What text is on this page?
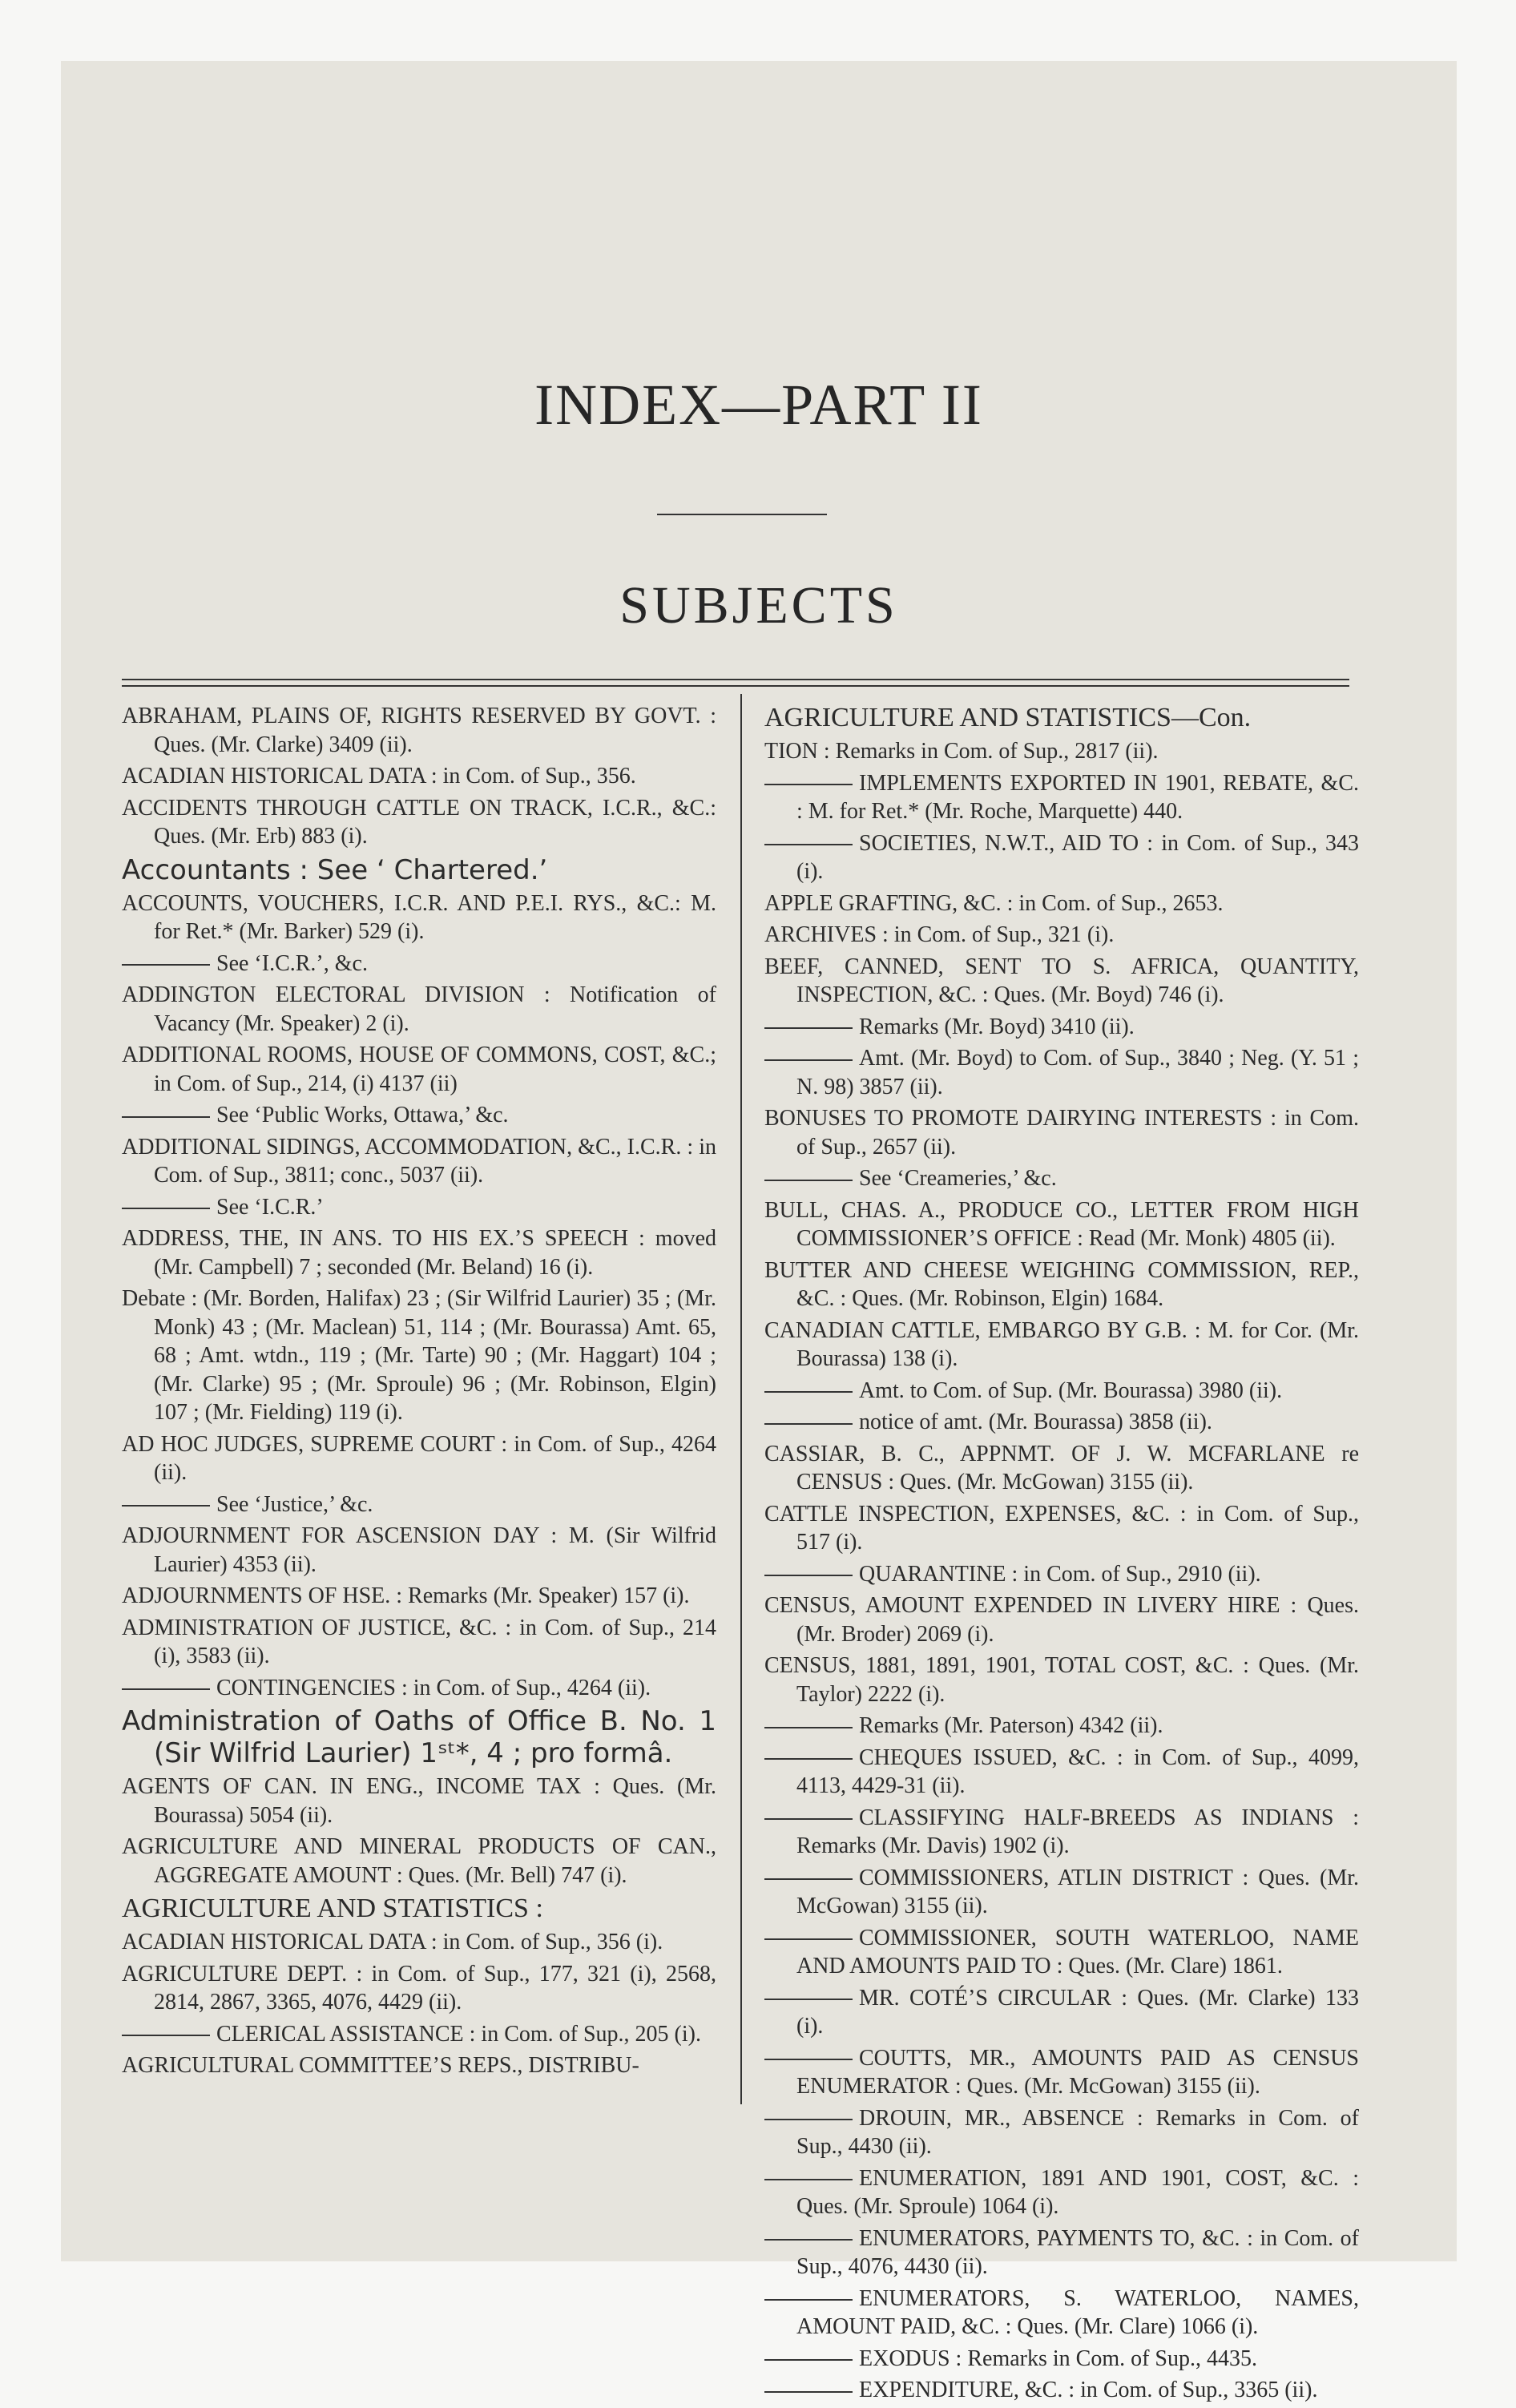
INDEX—PART II
SUBJECTS
ABRAHAM, PLAINS OF, RIGHTS RESERVED BY GOVT. : Ques. (Mr. Clarke) 3409 (ii).
ACADIAN HISTORICAL DATA : in Com. of Sup., 356.
ACCIDENTS THROUGH CATTLE ON TRACK, I.C.R., &C.: Ques. (Mr. Erb) 883 (i).
Accountants : See ‘ Chartered.’
ACCOUNTS, VOUCHERS, I.C.R. AND P.E.I. RYS., &C.: M. for Ret.* (Mr. Barker) 529 (i).
See ‘I.C.R.’, &c.
ADDINGTON ELECTORAL DIVISION : Notification of Vacancy (Mr. Speaker) 2 (i).
ADDITIONAL ROOMS, HOUSE OF COMMONS, COST, &C.; in Com. of Sup., 214, (i) 4137 (ii)
See ‘Public Works, Ottawa,’ &c.
ADDITIONAL SIDINGS, ACCOMMODATION, &C., I.C.R. : in Com. of Sup., 3811; conc., 5037 (ii).
See ‘I.C.R.’
ADDRESS, THE, IN ANS. TO HIS EX.’S SPEECH : moved (Mr. Campbell) 7 ; seconded (Mr. Beland) 16 (i).
Debate : (Mr. Borden, Halifax) 23 ; (Sir Wilfrid Laurier) 35 ; (Mr. Monk) 43 ; (Mr. Maclean) 51, 114 ; (Mr. Bourassa) Amt. 65, 68 ; Amt. wtdn., 119 ; (Mr. Tarte) 90 ; (Mr. Haggart) 104 ; (Mr. Clarke) 95 ; (Mr. Sproule) 96 ; (Mr. Robinson, Elgin) 107 ; (Mr. Fielding) 119 (i).
AD HOC JUDGES, SUPREME COURT : in Com. of Sup., 4264 (ii).
See ‘Justice,’ &c.
ADJOURNMENT FOR ASCENSION DAY : M. (Sir Wilfrid Laurier) 4353 (ii).
ADJOURNMENTS OF HSE. : Remarks (Mr. Speaker) 157 (i).
ADMINISTRATION OF JUSTICE, &C. : in Com. of Sup., 214 (i), 3583 (ii).
CONTINGENCIES : in Com. of Sup., 4264 (ii).
Administration of Oaths of Office B. No. 1 (Sir Wilfrid Laurier) 1ˢᵗ*, 4 ; pro formâ.
AGENTS OF CAN. IN ENG., INCOME TAX : Ques. (Mr. Bourassa) 5054 (ii).
AGRICULTURE AND MINERAL PRODUCTS OF CAN., AGGREGATE AMOUNT : Ques. (Mr. Bell) 747 (i).
AGRICULTURE AND STATISTICS :
ACADIAN HISTORICAL DATA : in Com. of Sup., 356 (i).
AGRICULTURE DEPT. : in Com. of Sup., 177, 321 (i), 2568, 2814, 2867, 3365, 4076, 4429 (ii).
CLERICAL ASSISTANCE : in Com. of Sup., 205 (i).
AGRICULTURAL COMMITTEE’S REPS., DISTRIBU-
AGRICULTURE AND STATISTICS—Con.
TION : Remarks in Com. of Sup., 2817 (ii).
IMPLEMENTS EXPORTED IN 1901, REBATE, &C. : M. for Ret.* (Mr. Roche, Marquette) 440.
SOCIETIES, N.W.T., AID TO : in Com. of Sup., 343 (i).
APPLE GRAFTING, &C. : in Com. of Sup., 2653.
ARCHIVES : in Com. of Sup., 321 (i).
BEEF, CANNED, SENT TO S. AFRICA, QUANTITY, INSPECTION, &C. : Ques. (Mr. Boyd) 746 (i).
Remarks (Mr. Boyd) 3410 (ii).
Amt. (Mr. Boyd) to Com. of Sup., 3840 ; Neg. (Y. 51 ; N. 98) 3857 (ii).
BONUSES TO PROMOTE DAIRYING INTERESTS : in Com. of Sup., 2657 (ii).
See ‘Creameries,’ &c.
BULL, CHAS. A., PRODUCE CO., LETTER FROM HIGH COMMISSIONER’S OFFICE : Read (Mr. Monk) 4805 (ii).
BUTTER AND CHEESE WEIGHING COMMISSION, REP., &C. : Ques. (Mr. Robinson, Elgin) 1684.
CANADIAN CATTLE, EMBARGO BY G.B. : M. for Cor. (Mr. Bourassa) 138 (i).
Amt. to Com. of Sup. (Mr. Bourassa) 3980 (ii).
notice of amt. (Mr. Bourassa) 3858 (ii).
CASSIAR, B. C., APPNMT. OF J. W. MCFARLANE re CENSUS : Ques. (Mr. McGowan) 3155 (ii).
CATTLE INSPECTION, EXPENSES, &C. : in Com. of Sup., 517 (i).
QUARANTINE : in Com. of Sup., 2910 (ii).
CENSUS, AMOUNT EXPENDED IN LIVERY HIRE : Ques. (Mr. Broder) 2069 (i).
CENSUS, 1881, 1891, 1901, TOTAL COST, &C. : Ques. (Mr. Taylor) 2222 (i).
Remarks (Mr. Paterson) 4342 (ii).
CHEQUES ISSUED, &C. : in Com. of Sup., 4099, 4113, 4429-31 (ii).
CLASSIFYING HALF-BREEDS AS INDIANS : Remarks (Mr. Davis) 1902 (i).
COMMISSIONERS, ATLIN DISTRICT : Ques. (Mr. McGowan) 3155 (ii).
COMMISSIONER, SOUTH WATERLOO, NAME AND AMOUNTS PAID TO : Ques. (Mr. Clare) 1861.
MR. COTÉ’S CIRCULAR : Ques. (Mr. Clarke) 133 (i).
COUTTS, MR., AMOUNTS PAID AS CENSUS ENUMERATOR : Ques. (Mr. McGowan) 3155 (ii).
DROUIN, MR., ABSENCE : Remarks in Com. of Sup., 4430 (ii).
ENUMERATION, 1891 AND 1901, COST, &C. : Ques. (Mr. Sproule) 1064 (i).
ENUMERATORS, PAYMENTS TO, &C. : in Com. of Sup., 4076, 4430 (ii).
ENUMERATORS, S. WATERLOO, NAMES, AMOUNT PAID, &C. : Ques. (Mr. Clare) 1066 (i).
EXODUS : Remarks in Com. of Sup., 4435.
EXPENDITURE, &C. : in Com. of Sup., 3365 (ii).
